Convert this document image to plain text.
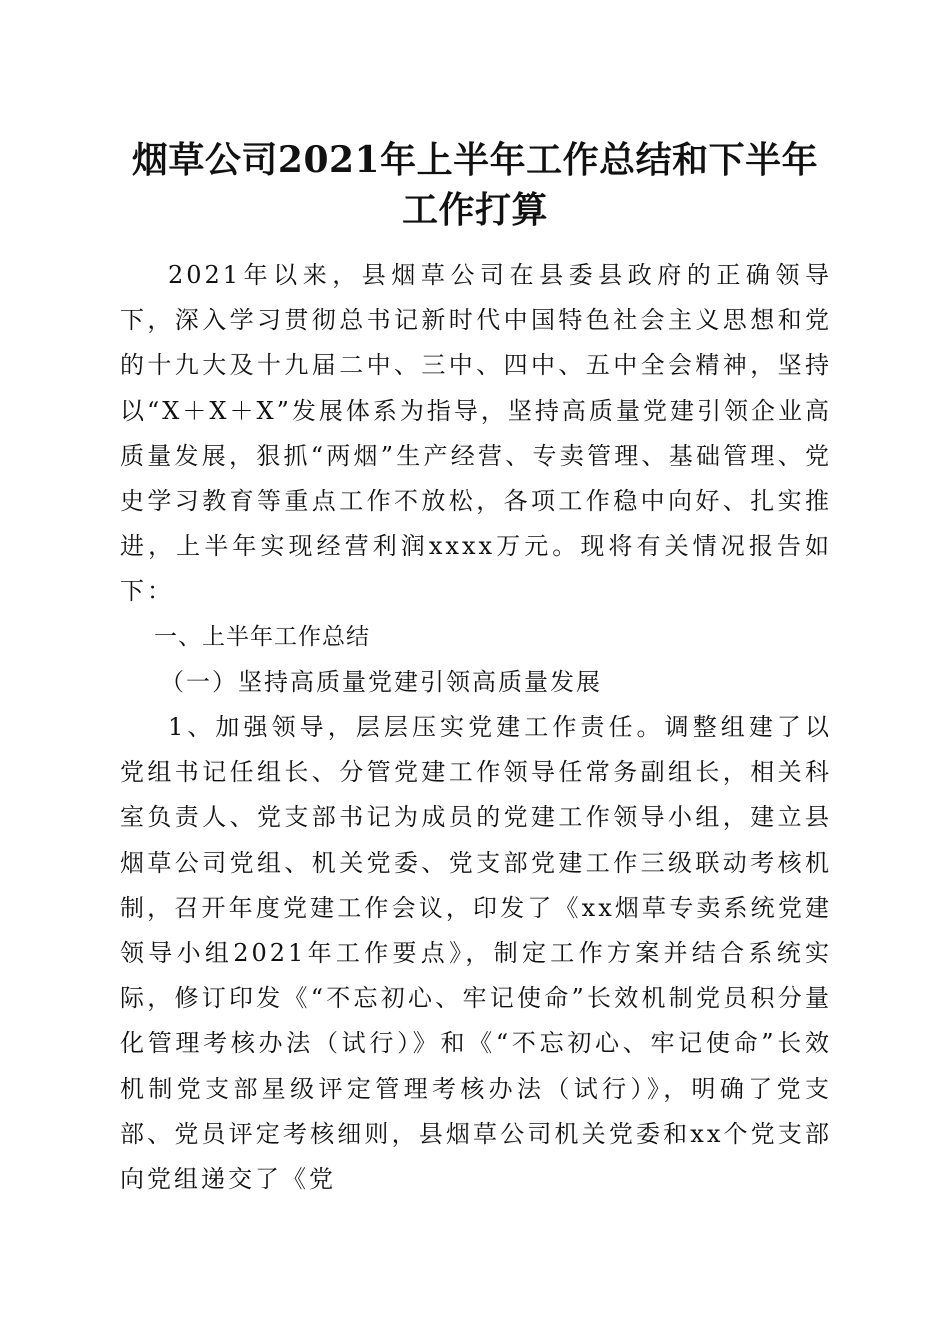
烟草公司2021年上半年工作总结和下半年工作打算

2021年以来，县烟草公司在县委县政府的正确领导下，深入学习贯彻总书记新时代中国特色社会主义思想和党的十九大及十九届二中、三中、四中、五中全会精神，坚持以“X＋X＋X”发展体系为指导，坚持高质量党建引领企业高质量发展，狠抓“两烟”生产经营、专卖管理、基础管理、党史学习教育等重点工作不放松，各项工作稳中向好、扎实推进，上半年实现经营利润xxxx万元。现将有关情况报告如下：

一、上半年工作总结

（一）坚持高质量党建引领高质量发展

1、加强领导，层层压实党建工作责任。调整组建了以党组书记任组长、分管党建工作领导任常务副组长，相关科室负责人、党支部书记为成员的党建工作领导小组，建立县烟草公司党组、机关党委、党支部党建工作三级联动考核机制，召开年度党建工作会议，印发了《xx烟草专卖系统党建领导小组2021年工作要点》，制定工作方案并结合系统实际，修订印发《“不忘初心、牢记使命”长效机制党员积分量化管理考核办法（试行）》和《“不忘初心、牢记使命”长效机制党支部星级评定管理考核办法（试行）》，明确了党支部、党员评定考核细则，县烟草公司机关党委和xx个党支部向党组递交了《党
